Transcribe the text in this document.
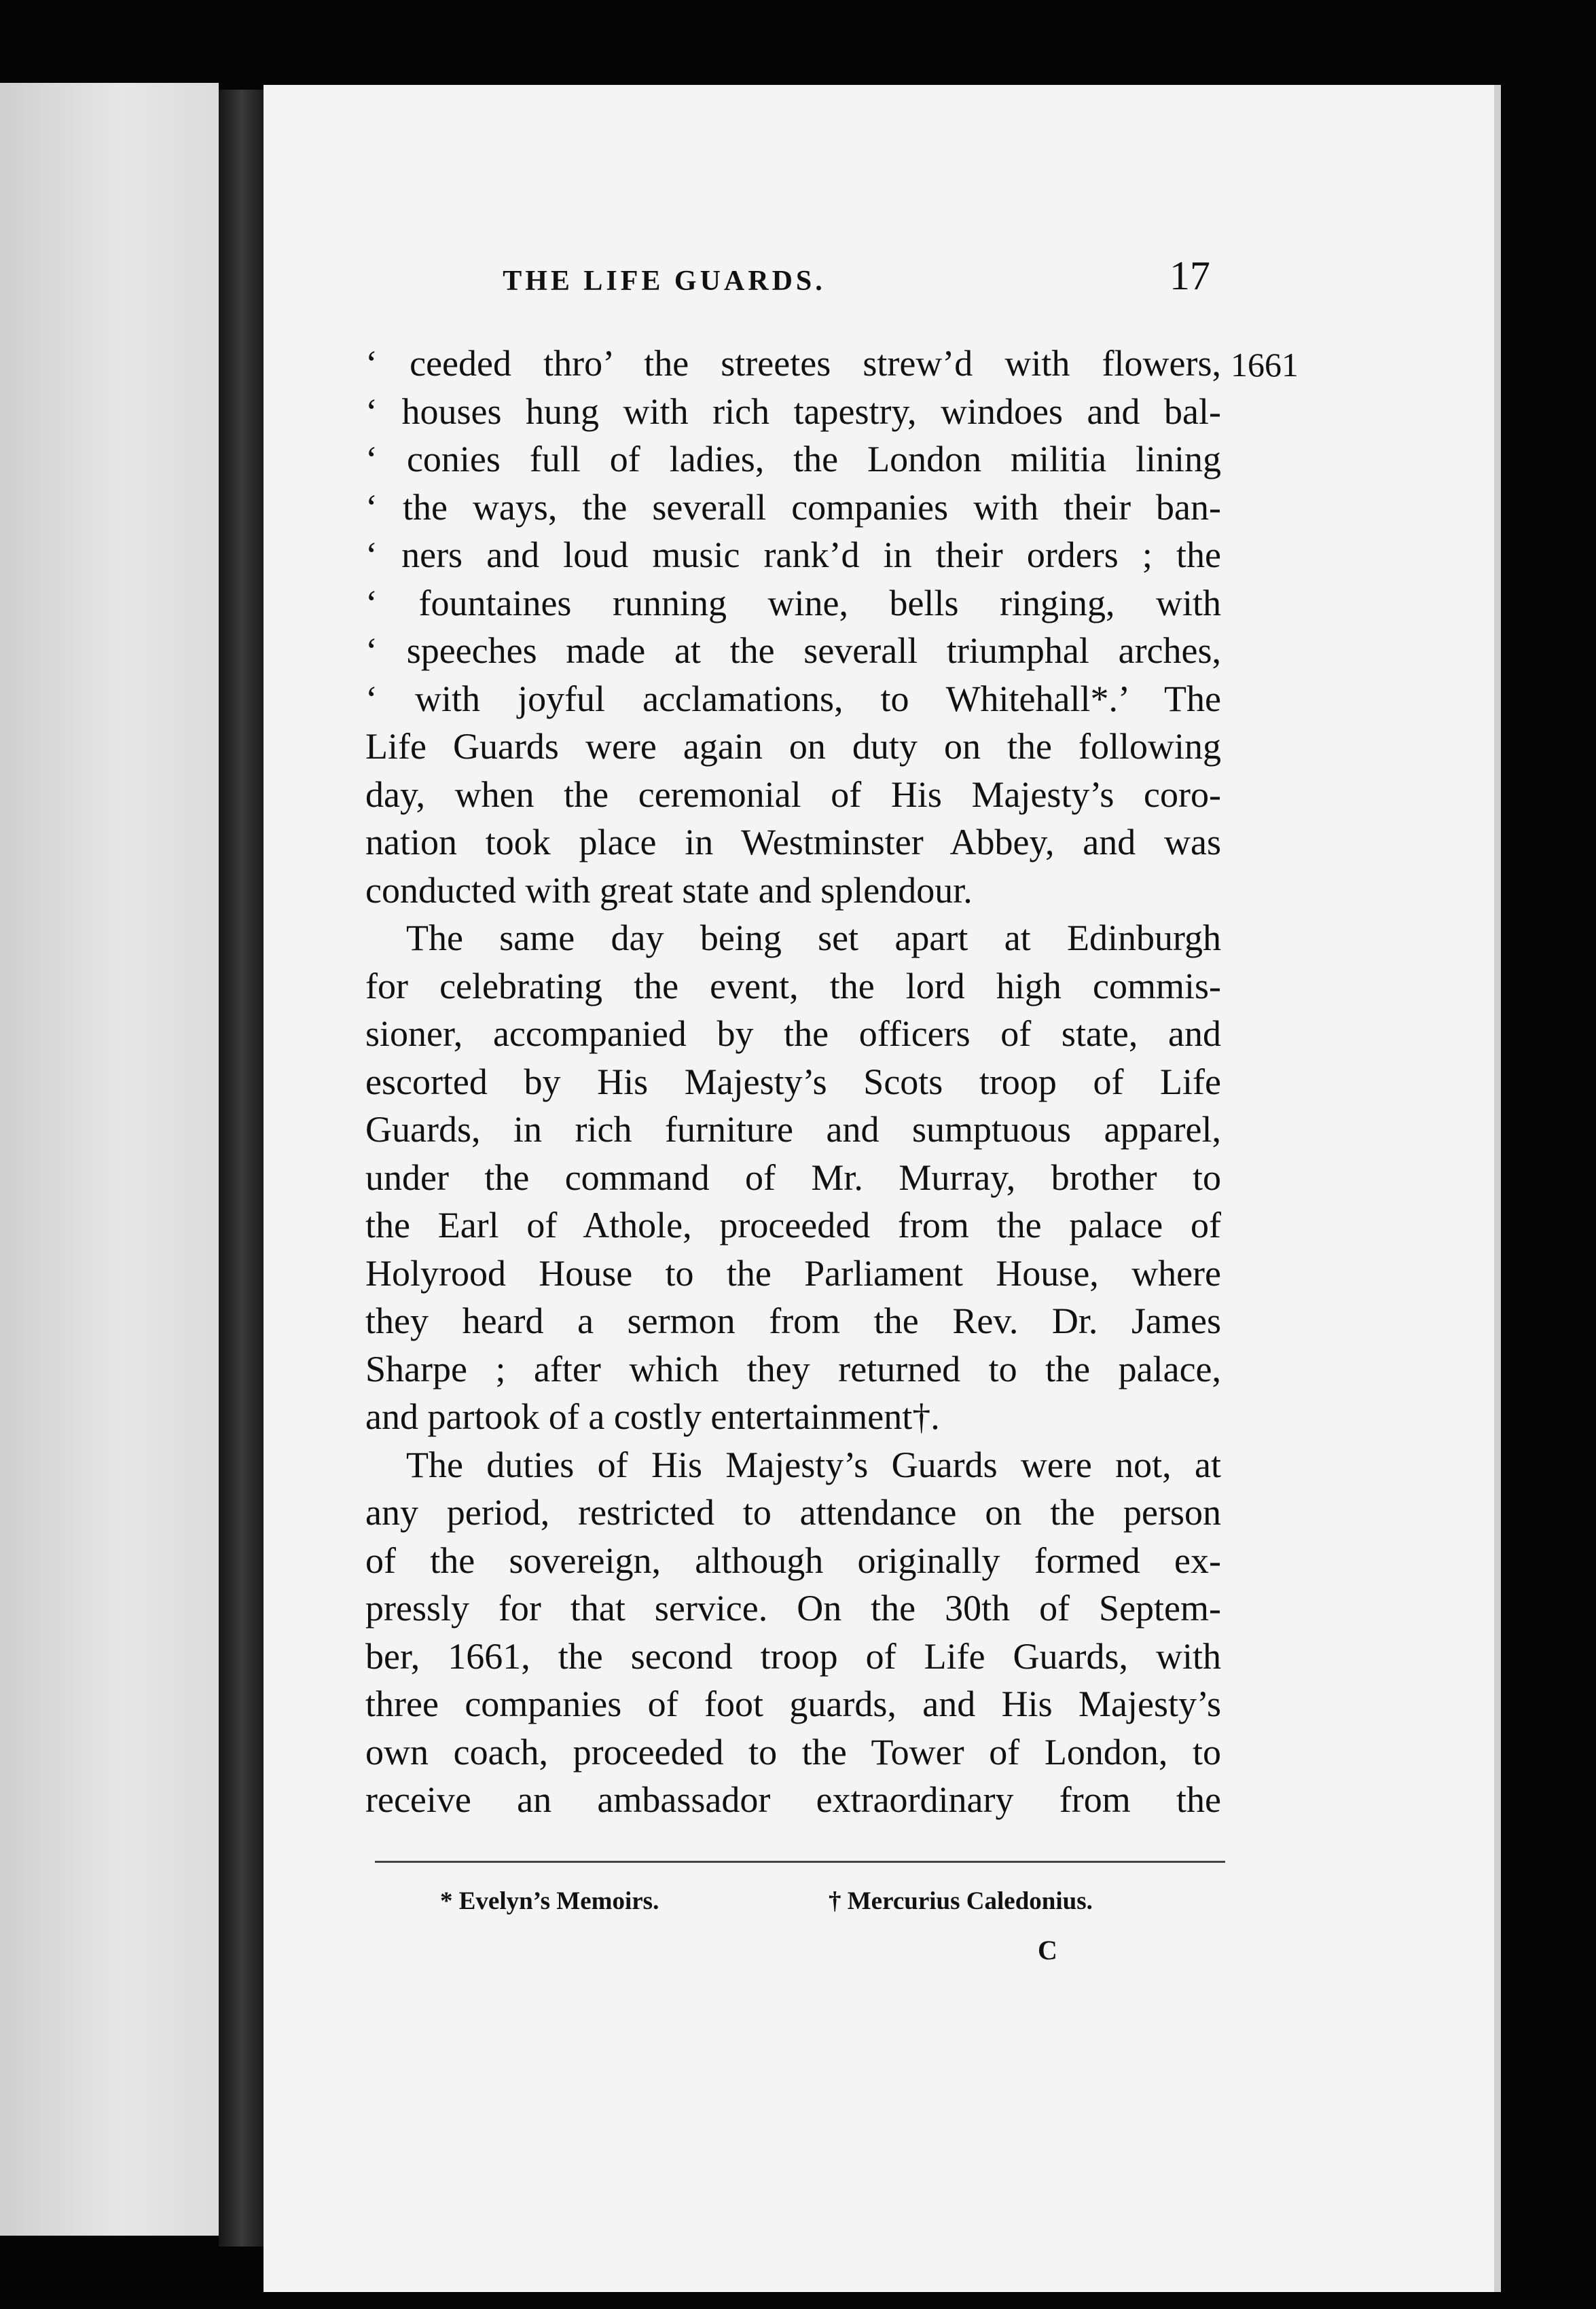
THE LIFE GUARDS.	17
1661
‘ ceeded thro’ the streetes strew’d with flowers,
‘ houses hung with rich tapestry, windoes and bal-
‘ conies full of ladies, the London militia lining
‘ the ways, the severall companies with their ban-
‘ ners and loud music rank’d in their orders ; the
‘ fountaines running wine, bells ringing, with
‘ speeches made at the severall triumphal arches,
‘ with joyful acclamations, to Whitehall*.’ The
Life Guards were again on duty on the following
day, when the ceremonial of His Majesty’s coro-
nation took place in Westminster Abbey, and was
conducted with great state and splendour.
The same day being set apart at Edinburgh
for celebrating the event, the lord high commis-
sioner, accompanied by the officers of state, and
escorted by His Majesty’s Scots troop of Life
Guards, in rich furniture and sumptuous apparel,
under the command of Mr. Murray, brother to
the Earl of Athole, proceeded from the palace of
Holyrood House to the Parliament House, where
they heard a sermon from the Rev. Dr. James
Sharpe ; after which they returned to the palace,
and partook of a costly entertainment†.
The duties of His Majesty’s Guards were not, at
any period, restricted to attendance on the person
of the sovereign, although originally formed ex-
pressly for that service. On the 30th of Septem-
ber, 1661, the second troop of Life Guards, with
three companies of foot guards, and His Majesty’s
own coach, proceeded to the Tower of London, to
receive an ambassador extraordinary from the
* Evelyn’s Memoirs.	† Mercurius Caledonius.
C
